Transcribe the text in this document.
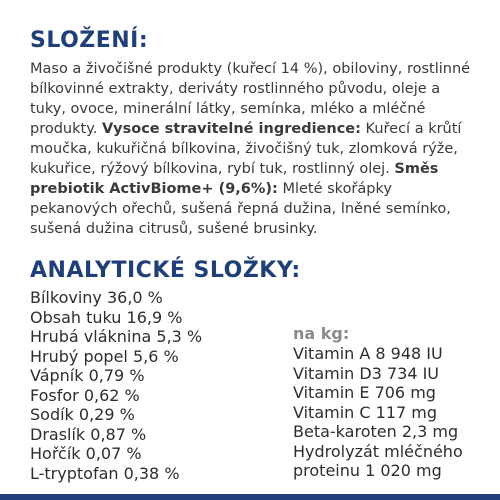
SLOŽENÍ:

Maso a živočišné produkty (kuřecí 14 %), obiloviny, rostlinné bílkovinné extrakty, deriváty rostlinného původu, oleje a tuky, ovoce, minerální látky, semínka, mléko a mléčné produkty. Vysoce stravitelné ingredience: Kuřecí a krůtí moučka, kukuřičná bílkovina, živočišný tuk, zlomková rýže, kukuřice, rýžový bílkovina, rybí tuk, rostlinný olej. Směs prebiotik ActivBiome+ (9,6%): Mleté skořápky pekanových ořechů, sušená řepná dužina, lněné semínko, sušená dužina citrusů, sušené brusinky.

ANALYTICKÉ SLOŽKY:
Bílkoviny 36,0 %
Obsah tuku 16,9 %
Hrubá vláknina 5,3 %
Hrubý popel 5,6 %
Vápník 0,79 %
Fosfor 0,62 %
Sodík 0,29 %
Draslík 0,87 %
Hořčík 0,07 %
L-tryptofan 0,38 %
na kg:
Vitamin A 8 948 IU
Vitamin D3 734 IU
Vitamin E 706 mg
Vitamin C 117 mg
Beta-karoten 2,3 mg
Hydrolyzát mléčného
proteinu 1 020 mg
